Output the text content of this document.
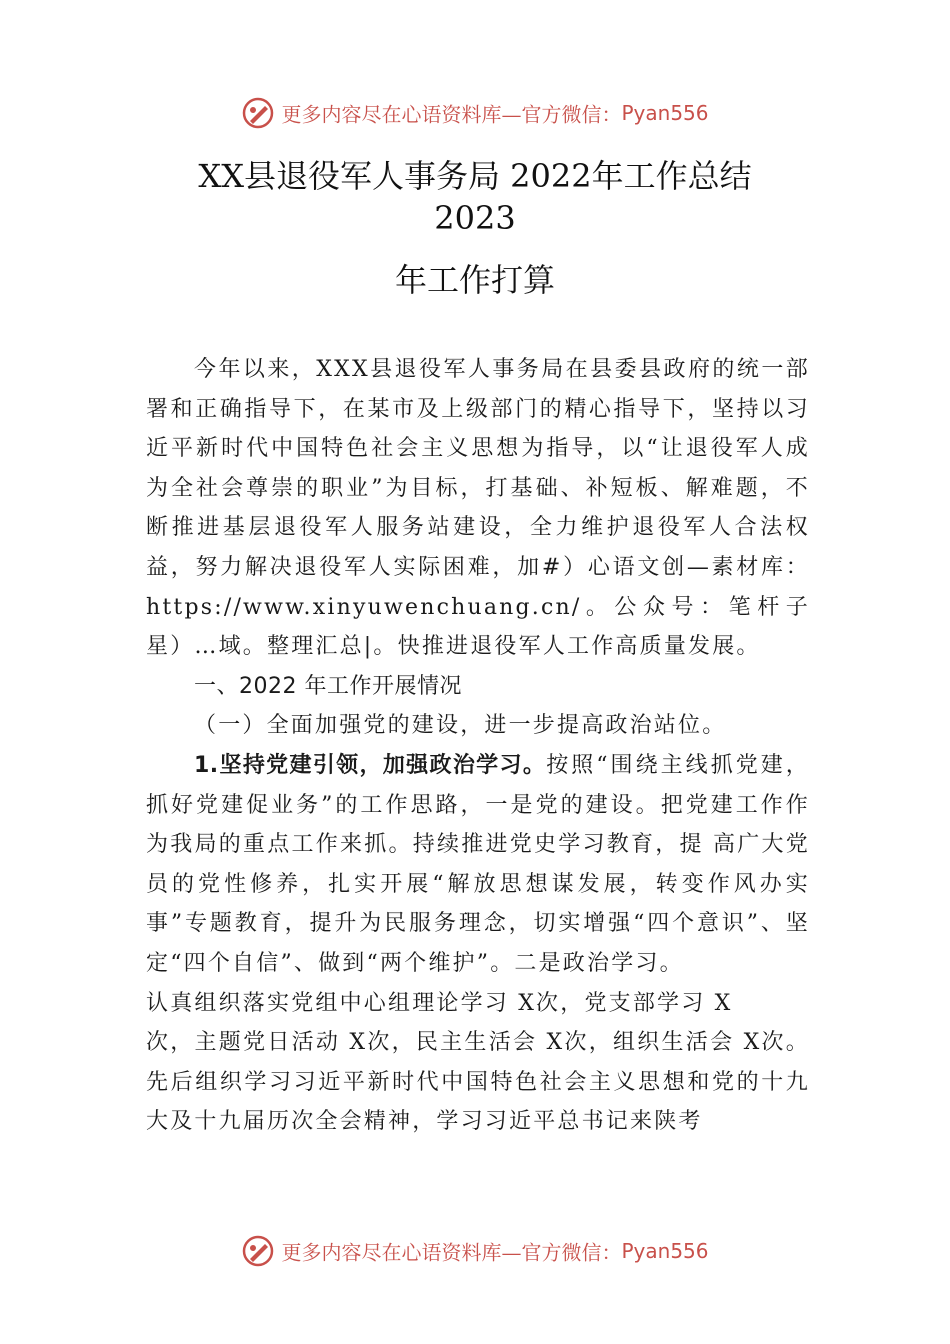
更多内容尽在心语资料库—官方微信：Pyan556
XX县退役军人事务局 2022年工作总结
2023
年工作打算

今年以来，XXX县退役军人事务局在县委县政府的统一部署和正确指导下，在某市及上级部门的精心指导下，坚持以习近平新时代中国特色社会主义思想为指导，以“让退役军人成为全社会尊崇的职业”为目标，打基础、补短板、解难题，不断推进基层退役军人服务站建设，全力维护退役军人合法权益，努力解决退役军人实际困难，加#）心语文创—素材库：https://www.xinyuwenchuang.cn/。公众号：笔杆子星）…域。整理汇总|。快推进退役军人工作高质量发展。

一、2022 年工作开展情况

（一）全面加强党的建设，进一步提高政治站位。

1.坚持党建引领，加强政治学习。按照“围绕主线抓党建，抓好党建促业务”的工作思路，一是党的建设。把党建工作作为我局的重点工作来抓。持续推进党史学习教育，提 高广大党员的党性修养，扎实开展“解放思想谋发展，转变作风办实事”专题教育，提升为民服务理念，切实增强“四个意识”、坚定“四个自信”、做到“两个维护”。二是政治学习。

认真组织落实党组中心组理论学习 X次，党支部学习 X

次，主题党日活动 X次，民主生活会 X次，组织生活会 X次。先后组织学习习近平新时代中国特色社会主义思想和党的十九大及十九届历次全会精神，学习习近平总书记来陕考

更多内容尽在心语资料库—官方微信：Pyan556
